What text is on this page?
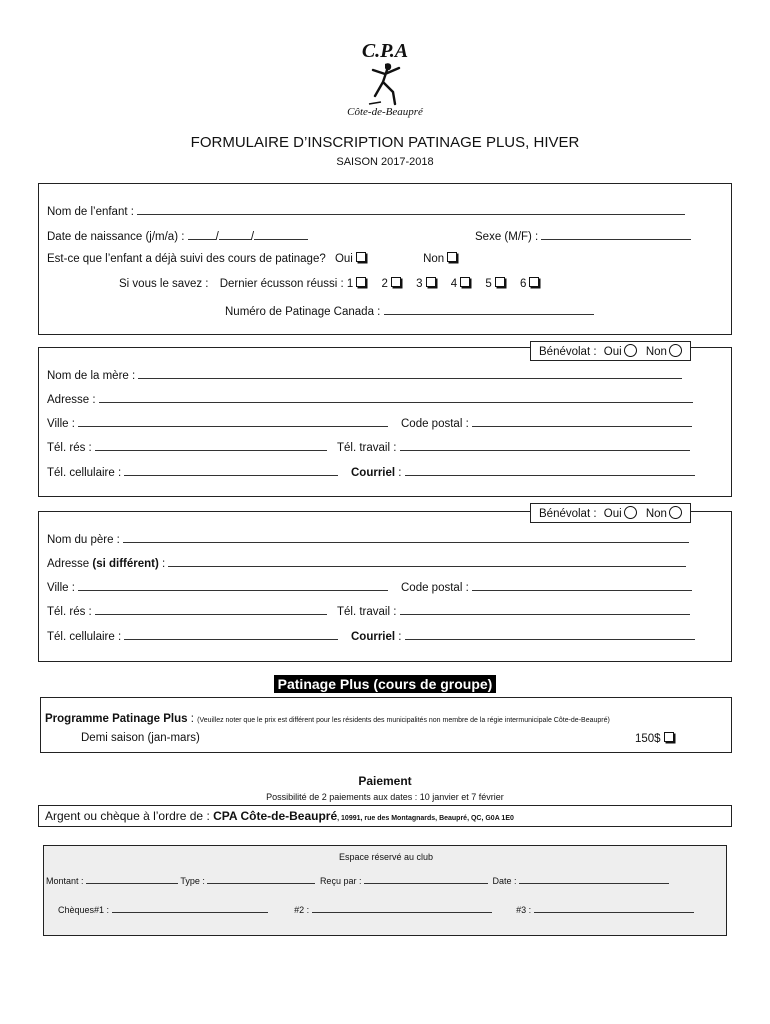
C.P.A
Côte-de-Beaupré
FORMULAIRE D’INSCRIPTION PATINAGE PLUS, HIVER
SAISON 2017-2018
Nom de l’enfant :
Date de naissance (j/m/a) :	/	/	Sexe (M/F) :
Est-ce que l’enfant a déjà suivi des cours de patinage? Oui	Non
Si vous le savez : Dernier écusson réussi : 1 2 3 4 5 6
Numéro de Patinage Canada :
Nom de la mère :
Adresse :
Ville :	Code postal :
Tél. rés :	Tél. travail :
Tél. cellulaire :	Courriel :
Bénévolat : Oui Non
Nom du père :
Adresse (si différent) :
Ville :	Code postal :
Tél. rés :	Tél. travail :
Tél. cellulaire :	Courriel :
Bénévolat : Oui Non
Patinage Plus (cours de groupe)
Programme Patinage Plus : (Veuillez noter que le prix est différent pour les résidents des municipalités non membre de la régie intermunicipale Côte-de-Beaupré)
Demi saison (jan-mars)	150$
Paiement
Possibilité de 2 paiements aux dates : 10 janvier et 7 février
Argent ou chèque à l’ordre de : CPA Côte-de-Beaupré, 10991, rue des Montagnards, Beaupré, QC, G0A 1E0
Espace réservé au club
Montant :	Type :	Reçu par :	Date :
Chèques#1 :	#2 :	#3 :
